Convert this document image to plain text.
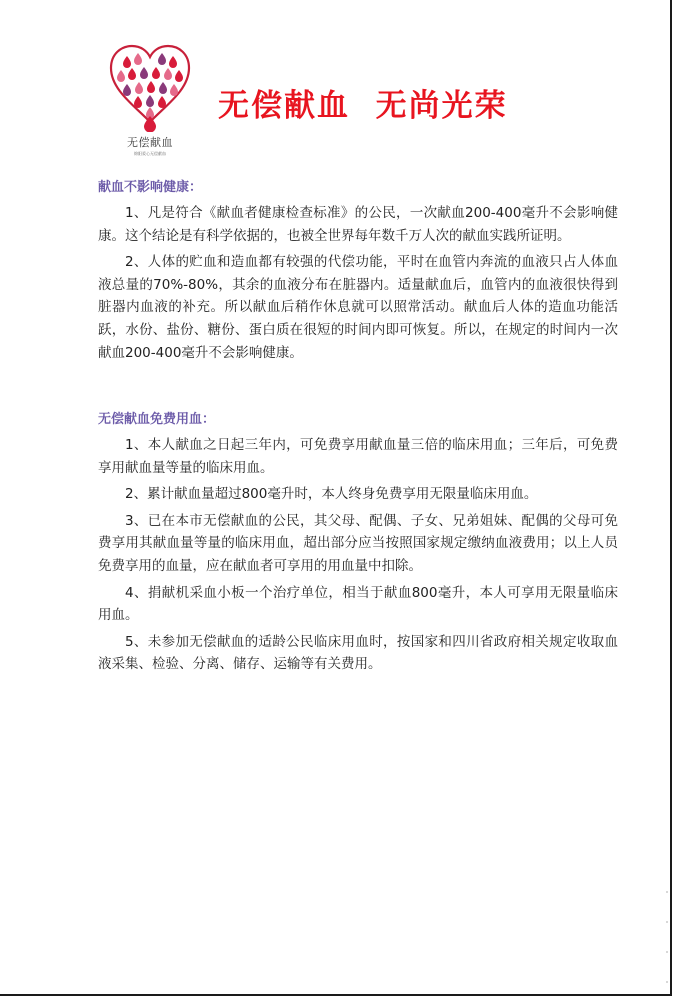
无偿献血
绵阳爱心无偿献血
无偿献血  无尚光荣
献血不影响健康：

1、凡是符合《献血者健康检查标准》的公民，一次献血200-400毫升不会影响健康。这个结论是有科学依据的，也被全世界每年数千万人次的献血实践所证明。

2、人体的贮血和造血都有较强的代偿功能，平时在血管内奔流的血液只占人体血液总量的70%-80%，其余的血液分布在脏器内。适量献血后，血管内的血液很快得到脏器内血液的补充。所以献血后稍作休息就可以照常活动。献血后人体的造血功能活跃，水份、盐份、糖份、蛋白质在很短的时间内即可恢复。所以，在规定的时间内一次献血200-400毫升不会影响健康。

无偿献血免费用血：

1、本人献血之日起三年内，可免费享用献血量三倍的临床用血；三年后，可免费享用献血量等量的临床用血。

2、累计献血量超过800毫升时，本人终身免费享用无限量临床用血。

3、已在本市无偿献血的公民，其父母、配偶、子女、兄弟姐妹、配偶的父母可免费享用其献血量等量的临床用血，超出部分应当按照国家规定缴纳血液费用；以上人员免费享用的血量，应在献血者可享用的用血量中扣除。

4、捐献机采血小板一个治疗单位，相当于献血800毫升，本人可享用无限量临床用血。

5、未参加无偿献血的适龄公民临床用血时，按国家和四川省政府相关规定收取血液采集、检验、分离、储存、运输等有关费用。
